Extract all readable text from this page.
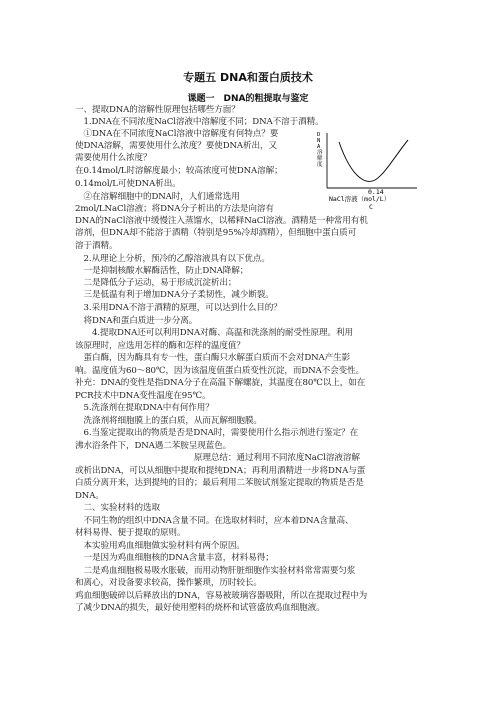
专题五 DNA和蛋白质技术
课题一　DNA的粗提取与鉴定
一、提取DNA的溶解性原理包括哪些方面？
　1.DNA在不同浓度NaCl溶液中溶解度不同；DNA不溶于酒精。
　①DNA在不同浓度NaCl溶液中溶解度有何特点？要
使DNA溶解，需要使用什么浓度？要使DNA析出，又
需要使用什么浓度？
在0.14mol/L时溶解度最小；较高浓度可使DNA溶解；
0.14mol/L可使DNA析出。
　②在溶解细胞中的DNA时，人们通常选用
2mol/LNaCl溶液；将DNA分子析出的方法是向溶有
DNA的NaCl溶液中缓慢注入蒸馏水，以稀释NaCl溶液。酒精是一种常用有机
溶剂，但DNA却不能溶于酒精（特别是95%冷却酒精），但细胞中蛋白质可
溶于酒精。
　2.从理论上分析，预冷的乙醇溶液具有以下优点。
　一是抑制核酸水解酶活性，防止DNA降解；
　二是降低分子运动，易于形成沉淀析出；
　三是低温有利于增加DNA分子柔韧性，减少断裂。
　3.采用DNA不溶于酒精的原理，可以达到什么目的？
　将DNA和蛋白质进一步分离。
　　4.提取DNA还可以利用DNA对酶、高温和洗涤剂的耐受性原理。利用
该原理时，应选用怎样的酶和怎样的温度值？
　蛋白酶，因为酶具有专一性，蛋白酶只水解蛋白质而不会对DNA产生影
响。温度值为60～80℃，因为该温度值蛋白质变性沉淀，而DNA不会变性。
补充：DNA的变性是指DNA分子在高温下解螺旋，其温度在80℃以上，如在
PCR技术中DNA变性温度在95℃。
　5.洗涤剂在提取DNA中有何作用？
　洗涤剂将细胞膜上的蛋白质，从而瓦解细胞膜。
　6.当鉴定提取出的物质是否是DNA时，需要使用什么指示剂进行鉴定？在
沸水浴条件下，DNA遇二苯胺呈现蓝色。
　　　　　　　　　　　　　　原理总结：通过利用不同浓度NaCl溶液溶解
或析出DNA，可以从细胞中提取和提纯DNA；再利用酒精进一步将DNA与蛋
白质分离开来，达到提纯的目的；最后利用二苯胺试剂鉴定提取的物质是否是
DNA。
　二、实验材料的选取
　不同生物的组织中DNA含量不同。在选取材料时，应本着DNA含量高、
材料易得、便于提取的原则。
　本实验用鸡血细胞做实验材料有两个原因。
　一是因为鸡血细胞核的DNA含量丰富，材料易得；
　二是鸡血细胞极易吸水胀破，而用动物肝脏细胞作实验材料常常需要匀浆
和离心，对设备要求较高，操作繁琐，历时较长。
鸡血细胞破碎以后释放出的DNA，容易被玻璃容器吸附，所以在提取过程中为
了减少DNA的损失，最好使用塑料的烧杯和试管盛放鸡血细胞液。
D N A 溶解度
0.14
NaCl溶液（mol/L）
C
